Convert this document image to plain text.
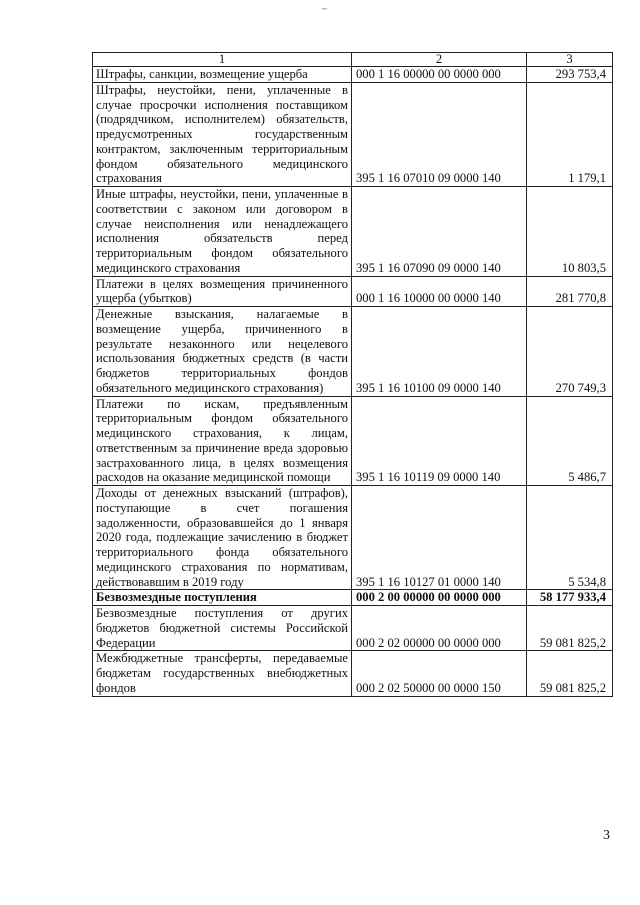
~
1	2	3
Штрафы, санкции, возмещение ущерба	000 1 16 00000 00 0000 000	293 753,4
Штрафы, неустойки, пени, уплаченные в случае просрочки исполнения поставщиком (подрядчиком, исполнителем) обязательств, предусмотренных государственным контрактом, заключенным территориальным фондом обязательного медицинского страхования	395 1 16 07010 09 0000 140	1 179,1
Иные штрафы, неустойки, пени, уплаченные в соответствии с законом или договором в случае неисполнения или ненадлежащего исполнения обязательств перед территориальным фондом обязательного медицинского страхования	395 1 16 07090 09 0000 140	10 803,5
Платежи в целях возмещения причиненного ущерба (убытков)	000 1 16 10000 00 0000 140	281 770,8
Денежные взыскания, налагаемые в возмещение ущерба, причиненного в результате незаконного или нецелевого использования бюджетных средств (в части бюджетов территориальных фондов обязательного медицинского страхования)	395 1 16 10100 09 0000 140	270 749,3
Платежи по искам, предъявленным территориальным фондом обязательного медицинского страхования, к лицам, ответственным за причинение вреда здоровью застрахованного лица, в целях возмещения расходов на оказание медицинской помощи	395 1 16 10119 09 0000 140	5 486,7
Доходы от денежных взысканий (штрафов), поступающие в счет погашения задолженности, образовавшейся до 1 января 2020 года, подлежащие зачислению в бюджет территориального фонда обязательного медицинского страхования по нормативам, действовавшим в 2019 году	395 1 16 10127 01 0000 140	5 534,8
Безвозмездные поступления	000 2 00 00000 00 0000 000	58 177 933,4
Безвозмездные поступления от других бюджетов бюджетной системы Российской Федерации	000 2 02 00000 00 0000 000	59 081 825,2
Межбюджетные трансферты, передаваемые бюджетам государственных внебюджетных фондов	000 2 02 50000 00 0000 150	59 081 825,2
3
